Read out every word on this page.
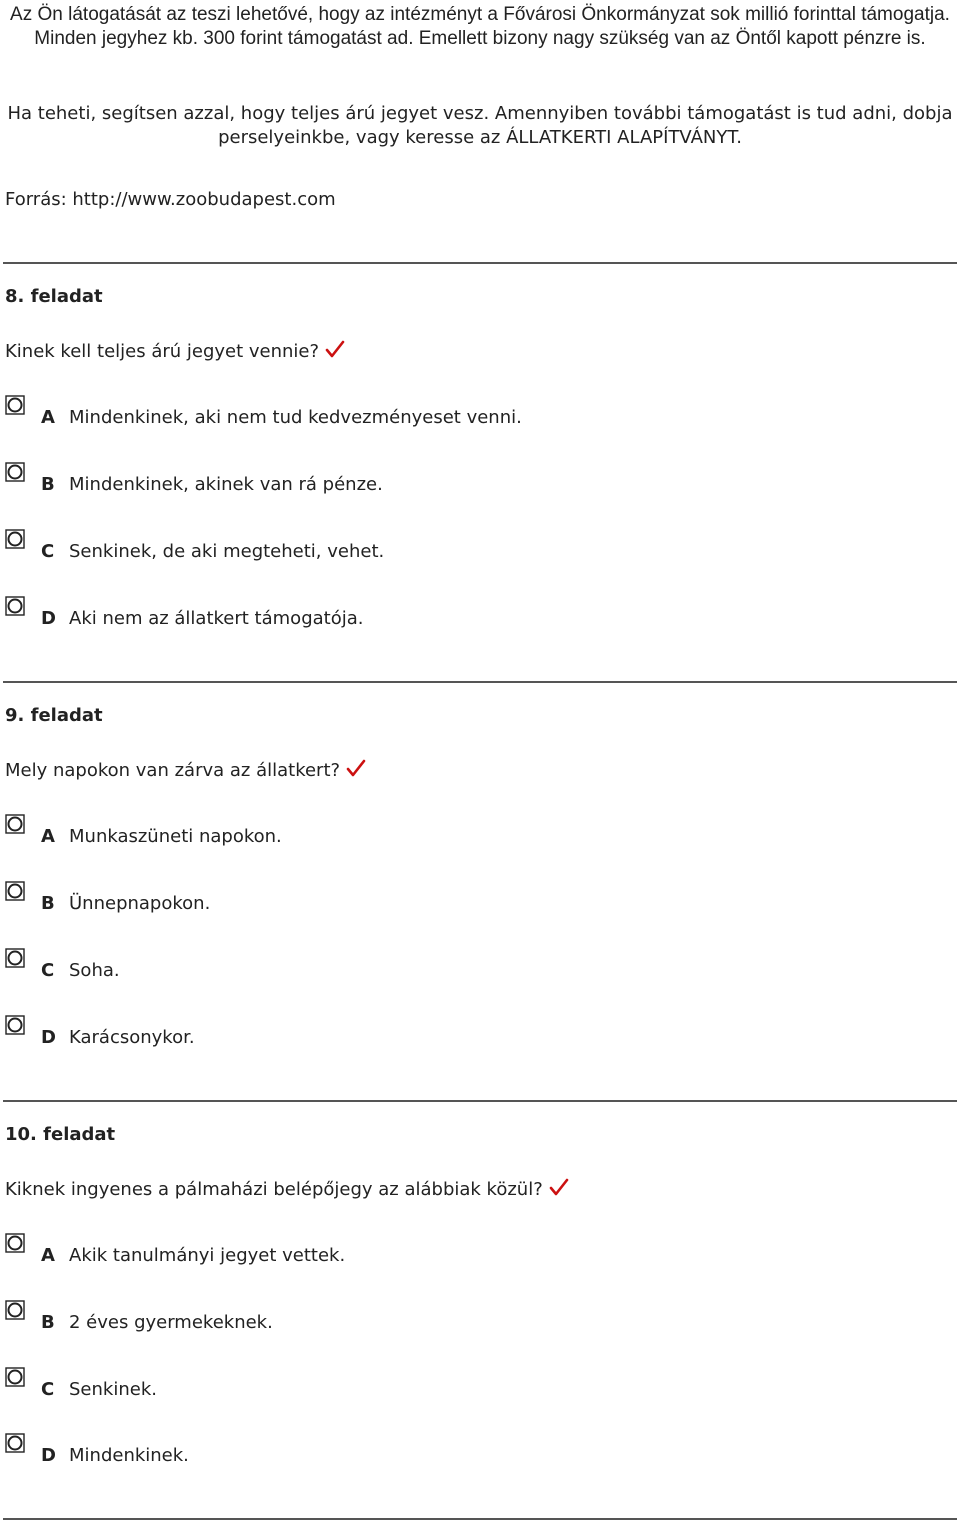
Az Ön látogatását az teszi lehetővé, hogy az intézményt a Fővárosi Önkormányzat sok millió forinttal támogatja. Minden jegyhez kb. 300 forint támogatást ad. Emellett bizony nagy szükség van az Öntől kapott pénzre is.

Ha teheti, segítsen azzal, hogy teljes árú jegyet vesz. Amennyiben további támogatást is tud adni, dobja perselyeinkbe, vagy keresse az ÁLLATKERTI ALAPÍTVÁNYT.

Forrás: http://www.zoobudapest.com

8. feladat

Kinek kell teljes árú jegyet vennie?

A Mindenkinek, aki nem tud kedvezményeset venni.
B Mindenkinek, akinek van rá pénze.
C Senkinek, de aki megteheti, vehet.
D Aki nem az állatkert támogatója.

9. feladat

Mely napokon van zárva az állatkert?

A Munkaszüneti napokon.
B Ünnepnapokon.
C Soha.
D Karácsonykor.

10. feladat

Kiknek ingyenes a pálmaházi belépőjegy az alábbiak közül?

A Akik tanulmányi jegyet vettek.
B 2 éves gyermekeknek.
C Senkinek.
D Mindenkinek.
